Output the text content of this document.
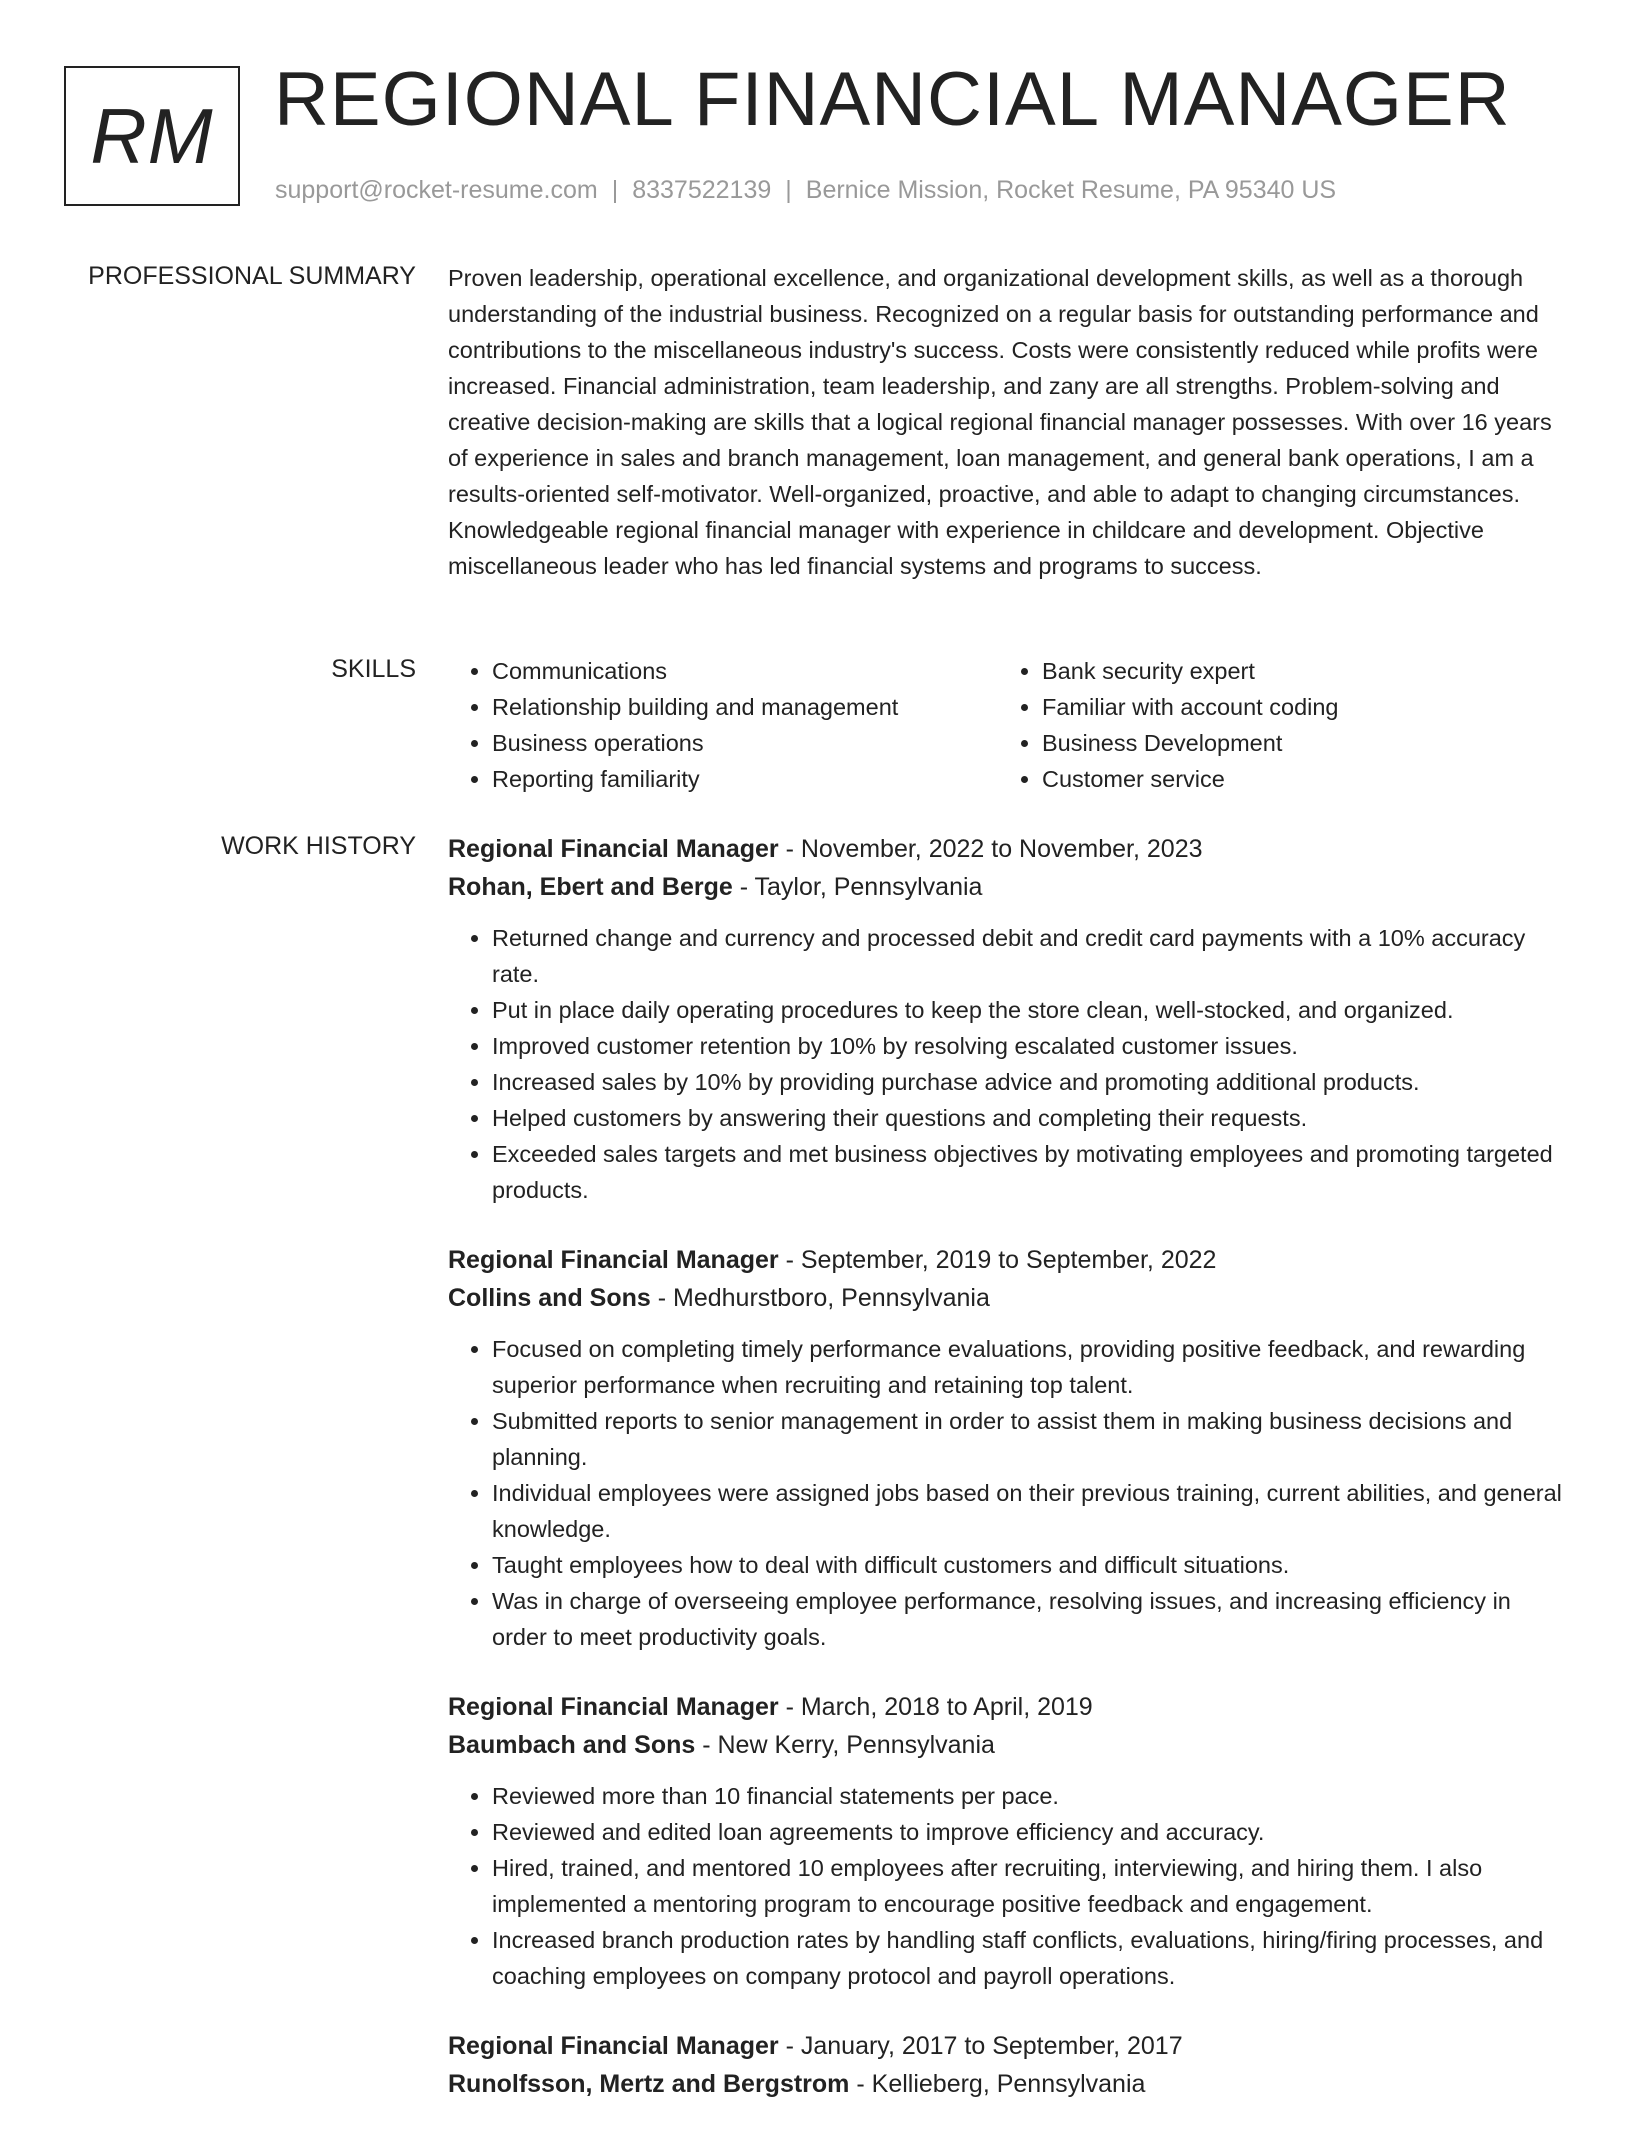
RM REGIONAL FINANCIAL MANAGER
support@rocket-resume.com | 8337522139 | Bernice Mission, Rocket Resume, PA 95340 US
PROFESSIONAL SUMMARY Proven leadership, operational excellence, and organizational development skills, as well as a thorough understanding of the industrial business. Recognized on a regular basis for outstanding performance and contributions to the miscellaneous industry's success. Costs were consistently reduced while profits were increased. Financial administration, team leadership, and zany are all strengths. Problem-solving and creative decision-making are skills that a logical regional financial manager possesses. With over 16 years of experience in sales and branch management, loan management, and general bank operations, I am a results-oriented self-motivator. Well-organized, proactive, and able to adapt to changing circumstances. Knowledgeable regional financial manager with experience in childcare and development. Objective miscellaneous leader who has led financial systems and programs to success.

SKILLS
•	Communications
• Relationship building and management
• Business operations
• Reporting familiarity
• Bank security expert
• Familiar with account coding
• Business Development
• Customer service
WORK HISTORY Regional Financial Manager - November, 2022 to November, 2023
Rohan, Ebert and Berge - Taylor, Pennsylvania
• Returned change and currency and processed debit and credit card payments with a 10% accuracy rate.
• Put in place daily operating procedures to keep the store clean, well-stocked, and organized.
• Improved customer retention by 10% by resolving escalated customer issues.
• Increased sales by 10% by providing purchase advice and promoting additional products.
• Helped customers by answering their questions and completing their requests.
• Exceeded sales targets and met business objectives by motivating employees and promoting targeted products.
Regional Financial Manager - September, 2019 to September, 2022
Collins and Sons - Medhurstboro, Pennsylvania
• Focused on completing timely performance evaluations, providing positive feedback, and rewarding superior performance when recruiting and retaining top talent.
• Submitted reports to senior management in order to assist them in making business decisions and planning.
• Individual employees were assigned jobs based on their previous training, current abilities, and general knowledge.
• Taught employees how to deal with difficult customers and difficult situations.
• Was in charge of overseeing employee performance, resolving issues, and increasing efficiency in order to meet productivity goals.
Regional Financial Manager - March, 2018 to April, 2019
Baumbach and Sons - New Kerry, Pennsylvania
• Reviewed more than 10 financial statements per pace.
• Reviewed and edited loan agreements to improve efficiency and accuracy.
• Hired, trained, and mentored 10 employees after recruiting, interviewing, and hiring them. I also implemented a mentoring program to encourage positive feedback and engagement.
• Increased branch production rates by handling staff conflicts, evaluations, hiring/firing processes, and coaching employees on company protocol and payroll operations.
Regional Financial Manager - January, 2017 to September, 2017
Runolfsson, Mertz and Bergstrom - Kellieberg, Pennsylvania
